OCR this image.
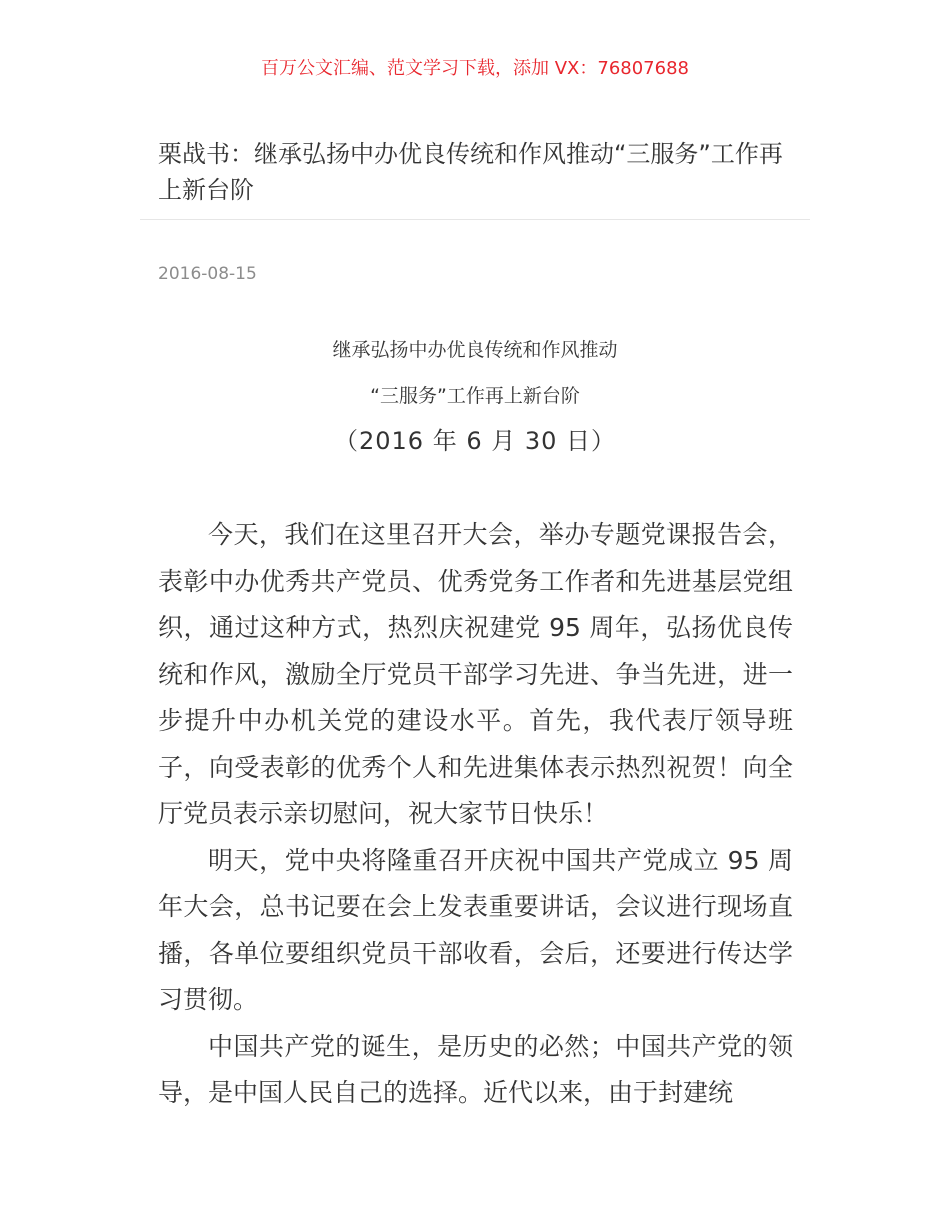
百万公文汇编、范文学习下载，添加 VX：76807688
栗战书：继承弘扬中办优良传统和作风推动“三服务”工作再上新台阶
2016-08-15
继承弘扬中办优良传统和作风推动
“三服务”工作再上新台阶
（2016 年 6 月 30 日）

今天，我们在这里召开大会，举办专题党课报告会，表彰中办优秀共产党员、优秀党务工作者和先进基层党组织，通过这种方式，热烈庆祝建党 95 周年，弘扬优良传统和作风，激励全厅党员干部学习先进、争当先进，进一步提升中办机关党的建设水平。首先，我代表厅领导班子，向受表彰的优秀个人和先进集体表示热烈祝贺！向全厅党员表示亲切慰问，祝大家节日快乐！

明天，党中央将隆重召开庆祝中国共产党成立 95 周年大会，总书记要在会上发表重要讲话，会议进行现场直播，各单位要组织党员干部收看，会后，还要进行传达学习贯彻。

中国共产党的诞生，是历史的必然；中国共产党的领导，是中国人民自己的选择。近代以来，由于封建统
